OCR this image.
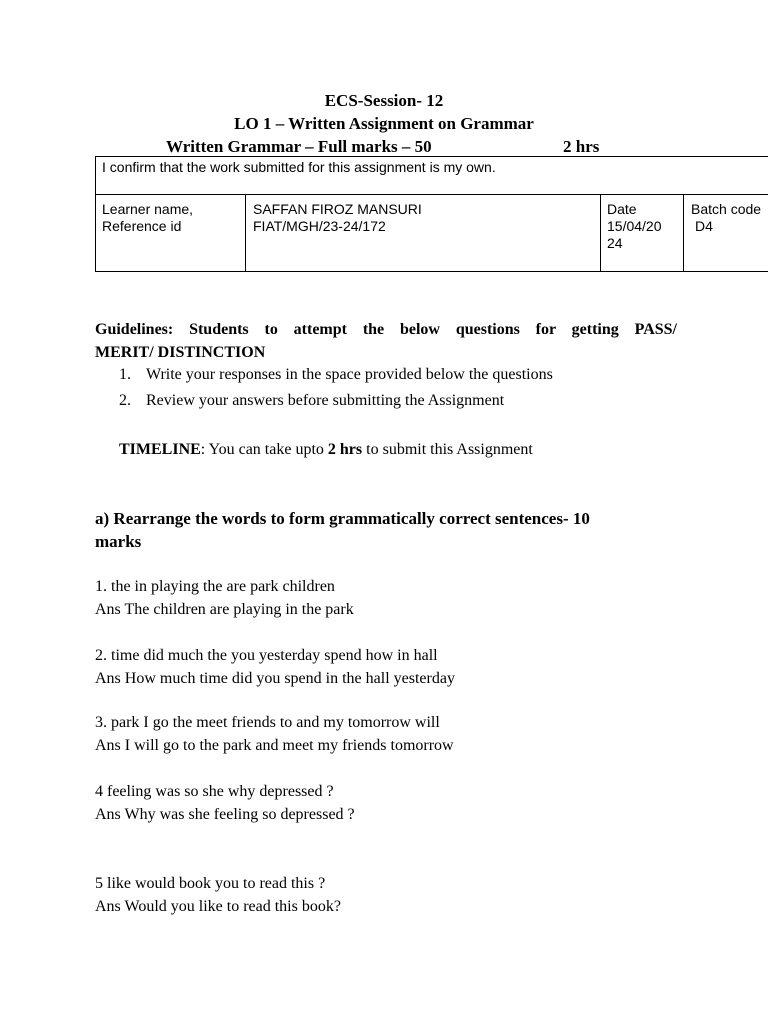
ECS-Session- 12
LO 1 – Written Assignment on Grammar
Written Grammar – Full marks – 50	2 hrs
I confirm that the work submitted for this assignment is my own.
Learner name,
Reference id
SAFFAN FIROZ MANSURI
FIAT/MGH/23-24/172
Date
15/04/20
24
Batch code
D4
Guidelines: Students to attempt the below questions for getting PASS/
MERIT/ DISTINCTION
1. Write your responses in the space provided below the questions
2. Review your answers before submitting the Assignment
TIMELINE: You can take upto 2 hrs to submit this Assignment
a) Rearrange the words to form grammatically correct sentences- 10
marks
1. the in playing the are park children
Ans The children are playing in the park
2. time did much the you yesterday spend how in hall
Ans How much time did you spend in the hall yesterday
3. park I go the meet friends to and my tomorrow will
Ans I will go to the park and meet my friends tomorrow
4 feeling was so she why depressed ?
Ans Why was she feeling so depressed ?
5 like would book you to read this ?
Ans Would you like to read this book?
